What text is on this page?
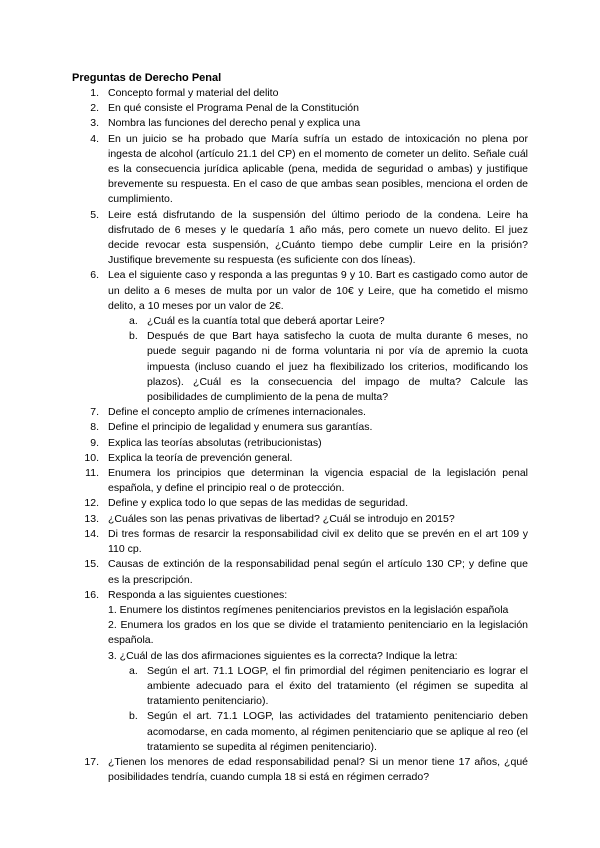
Preguntas de Derecho Penal
1. Concepto formal y material del delito
2. En qué consiste el Programa Penal de la Constitución
3. Nombra las funciones del derecho penal y explica una
4. En un juicio se ha probado que María sufría un estado de intoxicación no plena por ingesta de alcohol (artículo 21.1 del CP) en el momento de cometer un delito. Señale cuál es la consecuencia jurídica aplicable (pena, medida de seguridad o ambas) y justifique brevemente su respuesta. En el caso de que ambas sean posibles, menciona el orden de cumplimiento.
5. Leire está disfrutando de la suspensión del último periodo de la condena. Leire ha disfrutado de 6 meses y le quedaría 1 año más, pero comete un nuevo delito. El juez decide revocar esta suspensión, ¿Cuánto tiempo debe cumplir Leire en la prisión? Justifique brevemente su respuesta (es suficiente con dos líneas).
6. Lea el siguiente caso y responda a las preguntas 9 y 10. Bart es castigado como autor de un delito a 6 meses de multa por un valor de 10€ y Leire, que ha cometido el mismo delito, a 10 meses por un valor de 2€.
a. ¿Cuál es la cuantía total que deberá aportar Leire?
b. Después de que Bart haya satisfecho la cuota de multa durante 6 meses, no puede seguir pagando ni de forma voluntaria ni por vía de apremio la cuota impuesta (incluso cuando el juez ha flexibilizado los criterios, modificando los plazos). ¿Cuál es la consecuencia del impago de multa? Calcule las posibilidades de cumplimiento de la pena de multa?
7. Define el concepto amplio de crímenes internacionales.
8. Define el principio de legalidad y enumera sus garantías.
9. Explica las teorías absolutas (retribucionistas)
10. Explica la teoría de prevención general.
11. Enumera los principios que determinan la vigencia espacial de la legislación penal española, y define el principio real o de protección.
12. Define y explica todo lo que sepas de las medidas de seguridad.
13. ¿Cuáles son las penas privativas de libertad? ¿Cuál se introdujo en 2015?
14. Di tres formas de resarcir la responsabilidad civil ex delito que se prevén en el art 109 y 110 cp.
15. Causas de extinción de la responsabilidad penal según el artículo 130 CP; y define que es la prescripción.
16. Responda a las siguientes cuestiones:
1. Enumere los distintos regímenes penitenciarios previstos en la legislación española
2. Enumera los grados en los que se divide el tratamiento penitenciario en la legislación española.
3. ¿Cuál de las dos afirmaciones siguientes es la correcta? Indique la letra:
a. Según el art. 71.1 LOGP, el fin primordial del régimen penitenciario es lograr el ambiente adecuado para el éxito del tratamiento (el régimen se supedita al tratamiento penitenciario).
b. Según el art. 71.1 LOGP, las actividades del tratamiento penitenciario deben acomodarse, en cada momento, al régimen penitenciario que se aplique al reo (el tratamiento se supedita al régimen penitenciario).
17. ¿Tienen los menores de edad responsabilidad penal? Si un menor tiene 17 años, ¿qué posibilidades tendría, cuando cumpla 18 si está en régimen cerrado?
